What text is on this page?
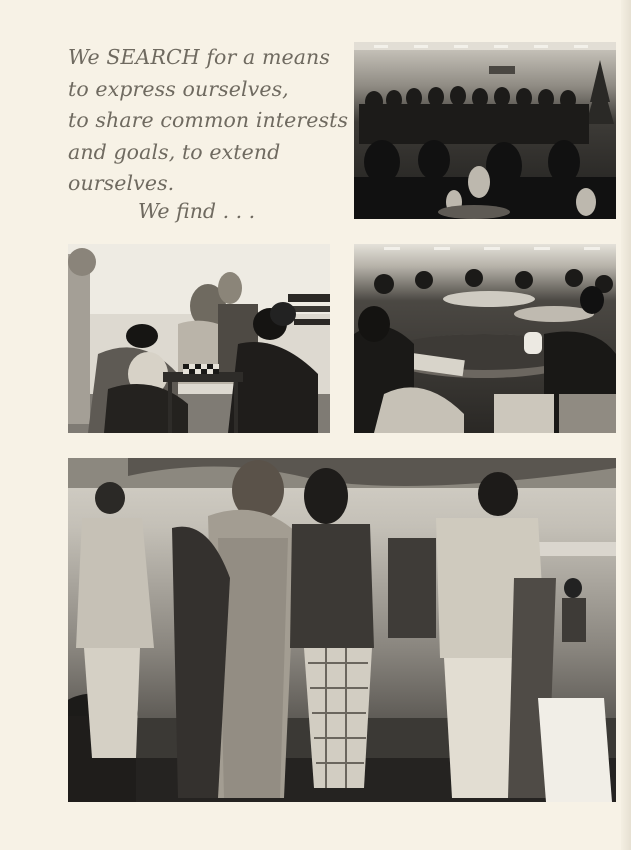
We SEARCH for a means
to express ourselves,
to share common interests
and goals, to extend
ourselves.
We find . . .
